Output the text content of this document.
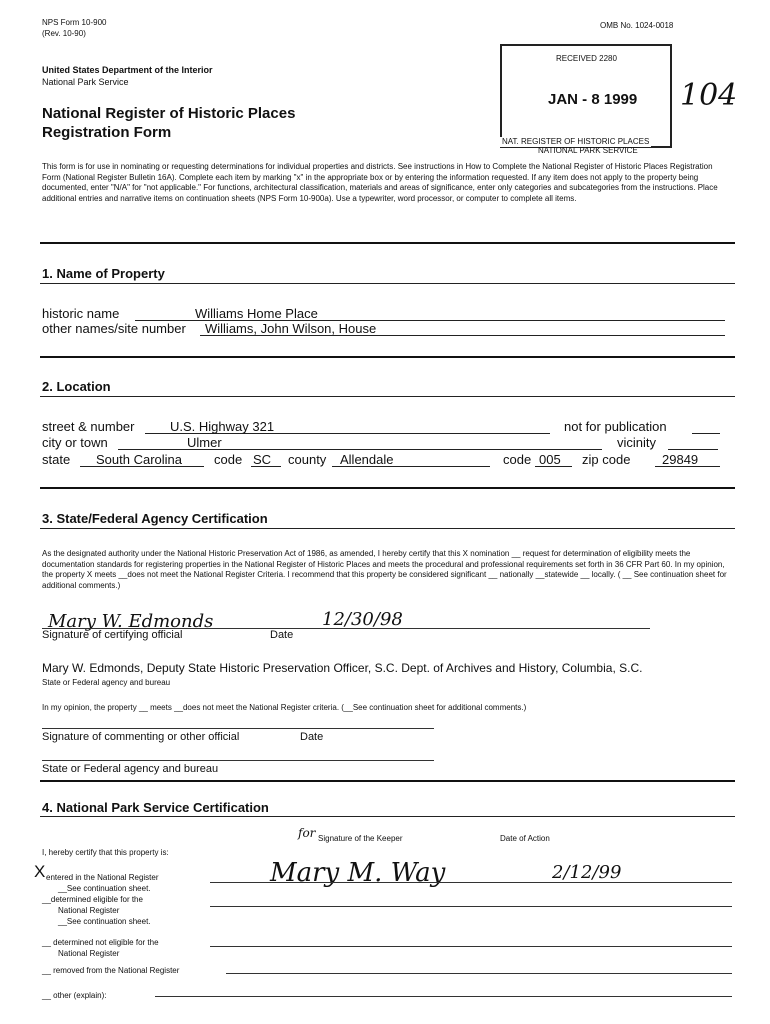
NPS Form 10-900
(Rev. 10-90)
OMB No. 1024-0018
United States Department of the Interior
National Park Service
National Register of Historic Places
Registration Form
RECEIVED 2280
JAN - 8 1999
NAT. REGISTER OF HISTORIC PLACES
NATIONAL PARK SERVICE
104
This form is for use in nominating or requesting determinations for individual properties and districts. See instructions in How to Complete the National Register of Historic Places Registration Form (National Register Bulletin 16A). Complete each item by marking "x" in the appropriate box or by entering the information requested. If any item does not apply to the property being documented, enter "N/A" for "not applicable." For functions, architectural classification, materials and areas of significance, enter only categories and subcategories from the instructions. Place additional entries and narrative items on continuation sheets (NPS Form 10-900a). Use a typewriter, word processor, or computer to complete all items.
1. Name of Property
historic name	Williams Home Place
other names/site number Williams, John Wilson, House
2. Location
street & number	U.S. Highway 321	not for publication
city or town	Ulmer	vicinity
state South Carolina code SC county Allendale	code 005 zip code 29849
3. State/Federal Agency Certification
As the designated authority under the National Historic Preservation Act of 1986, as amended, I hereby certify that this X nomination __ request for determination of eligibility meets the documentation standards for registering properties in the National Register of Historic Places and meets the procedural and professional requirements set forth in 36 CFR Part 60. In my opinion, the property X meets __does not meet the National Register Criteria. I recommend that this property be considered significant __ nationally __statewide __ locally. ( __ See continuation sheet for additional comments.)
Mary W. Edmonds	12/30/98
Signature of certifying official	Date
Mary W. Edmonds, Deputy State Historic Preservation Officer, S.C. Dept. of Archives and History, Columbia, S.C.
State or Federal agency and bureau
In my opinion, the property __ meets __does not meet the National Register criteria. (__See continuation sheet for additional comments.)
Signature of commenting or other official	Date
State or Federal agency and bureau
4. National Park Service Certification
for Signature of the Keeper	Date of Action
I, hereby certify that this property is:
Mary M. Way	2/12/99
X entered in the National Register
__See continuation sheet.
__determined eligible for the
National Register
__See continuation sheet.
__ determined not eligible for the
National Register
__ removed from the National Register
__ other (explain):
